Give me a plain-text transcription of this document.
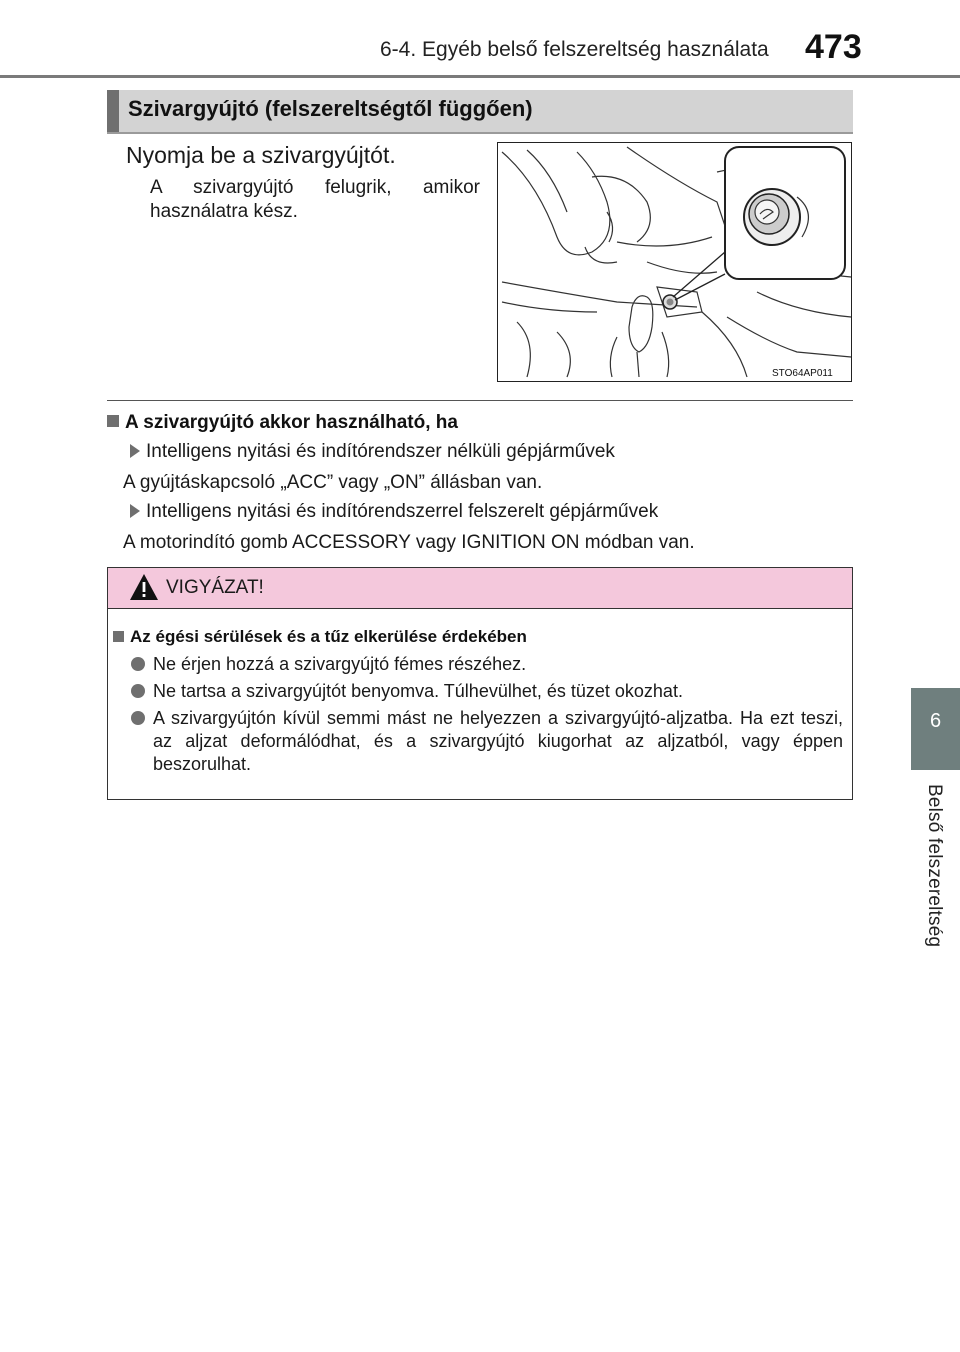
6-4. Egyéb belső felszereltség használata 473
6
Belső felszereltség
Szivargyújtó (felszereltségtől függően)
Nyomja be a szivargyújtót.
A szivargyújtó felugrik, amikor használatra kész.
STO64AP011
A szivargyújtó akkor használható, ha
Intelligens nyitási és indítórendszer nélküli gépjárművek
A gyújtáskapcsoló „ACC” vagy „ON” állásban van.
Intelligens nyitási és indítórendszerrel felszerelt gépjárművek
A motorindító gomb ACCESSORY vagy IGNITION ON módban van.
VIGYÁZAT!
Az égési sérülések és a tűz elkerülése érdekében
Ne érjen hozzá a szivargyújtó fémes részéhez.
Ne tartsa a szivargyújtót benyomva. Túlhevülhet, és tüzet okozhat.
A szivargyújtón kívül semmi mást ne helyezzen a szivargyújtó-aljzatba. Ha ezt teszi, az aljzat deformálódhat, és a szivargyújtó kiugorhat az aljzatból, vagy éppen beszorulhat.
